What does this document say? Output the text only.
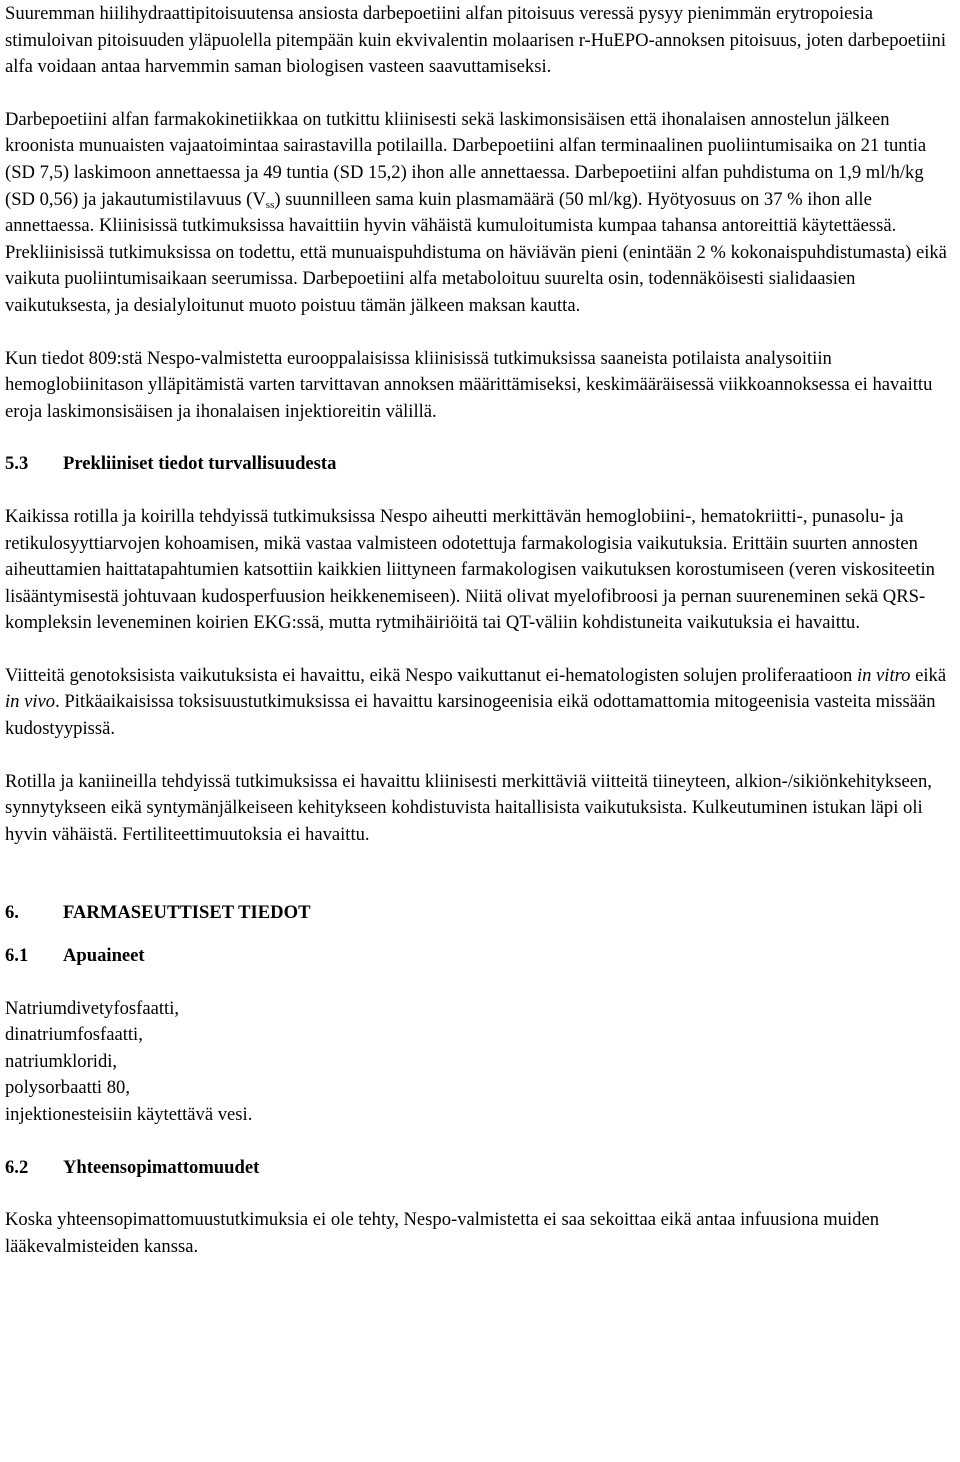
Suuremman hiilihydraattipitoisuutensa ansiosta darbepoetiini alfan pitoisuus veressä pysyy pienimmän erytropoiesia stimuloivan pitoisuuden yläpuolella pitempään kuin ekvivalentin molaarisen r-HuEPO-annoksen pitoisuus, joten darbepoetiini alfa voidaan antaa harvemmin saman biologisen vasteen saavuttamiseksi.

Darbepoetiini alfan farmakokinetiikkaa on tutkittu kliinisesti sekä laskimonsisäisen että ihonalaisen annostelun jälkeen kroonista munuaisten vajaatoimintaa sairastavilla potilailla. Darbepoetiini alfan terminaalinen puoliintumisaika on 21 tuntia (SD 7,5) laskimoon annettaessa ja 49 tuntia (SD 15,2) ihon alle annettaessa. Darbepoetiini alfan puhdistuma on 1,9 ml/h/kg (SD 0,56) ja jakautumistilavuus $(V_{ss})$ suunnilleen sama kuin plasmamäärä (50 ml/kg). Hyötyosuus on 37 % ihon alle annettaessa. Kliinisissä tutkimuksissa havaittiin hyvin vähäistä kumuloitumista kumpaa tahansa antoreittiä käytettäessä. Prekliinisissä tutkimuksissa on todettu, että munuaispuhdistuma on häviävän pieni (enintään 2 % kokonaispuhdistumasta) eikä vaikuta puoliintumisaikaan seerumissa. Darbepoetiini alfa metaboloituu suurelta osin, todennäköisesti sialidaasien vaikutuksesta, ja desialyloitunut muoto poistuu tämän jälkeen maksan kautta.

Kun tiedot 809:stä Nespo-valmistetta eurooppalaisissa kliinisissä tutkimuksissa saaneista potilaista analysoitiin hemoglobiinitason ylläpitämistä varten tarvittavan annoksen määrittämiseksi, keskimääräisessä viikkoannoksessa ei havaittu eroja laskimonsisäisen ja ihonalaisen injektioreitin välillä.

5.3 Prekliiniset tiedot turvallisuudesta

Kaikissa rotilla ja koirilla tehdyissä tutkimuksissa Nespo aiheutti merkittävän hemoglobiini-, hematokriitti-, punasolu- ja retikulosyyttiarvojen kohoamisen, mikä vastaa valmisteen odotettuja farmakologisia vaikutuksia. Erittäin suurten annosten aiheuttamien haittatapahtumien katsottiin kaikkien liittyneen farmakologisen vaikutuksen korostumiseen (veren viskositeetin lisääntymisestä johtuvaan kudosperfuusion heikkenemiseen). Niitä olivat myelofibroosi ja pernan suureneminen sekä QRS-kompleksin leveneminen koirien EKG:ssä, mutta rytmihäiriöitä tai QT-väliin kohdistuneita vaikutuksia ei havaittu.

Viitteitä genotoksisista vaikutuksista ei havaittu, eikä Nespo vaikuttanut ei-hematologisten solujen proliferaatioon in vitro eikä in vivo. Pitkäaikaisissa toksisuustutkimuksissa ei havaittu karsinogeenisia eikä odottamattomia mitogeenisia vasteita missään kudostyypissä.

Rotilla ja kaniineilla tehdyissä tutkimuksissa ei havaittu kliinisesti merkittäviä viitteitä tiineyteen, alkion-/sikiönkehitykseen, synnytykseen eikä syntymänjälkeiseen kehitykseen kohdistuvista haitallisista vaikutuksista. Kulkeutuminen istukan läpi oli hyvin vähäistä. Fertiliteettimuutoksia ei havaittu.

6. FARMASEUTTISET TIEDOT

6.1 Apuaineet

Natriumdivetyfosfaatti,
dinatriumfosfaatti,
natriumkloridi,
polysorbaatti 80,
injektionesteisiin käytettävä vesi.

6.2 Yhteensopimattomuudet

Koska yhteensopimattomuustutkimuksia ei ole tehty, Nespo-valmistetta ei saa sekoittaa eikä antaa infuusiona muiden lääkevalmisteiden kanssa.
